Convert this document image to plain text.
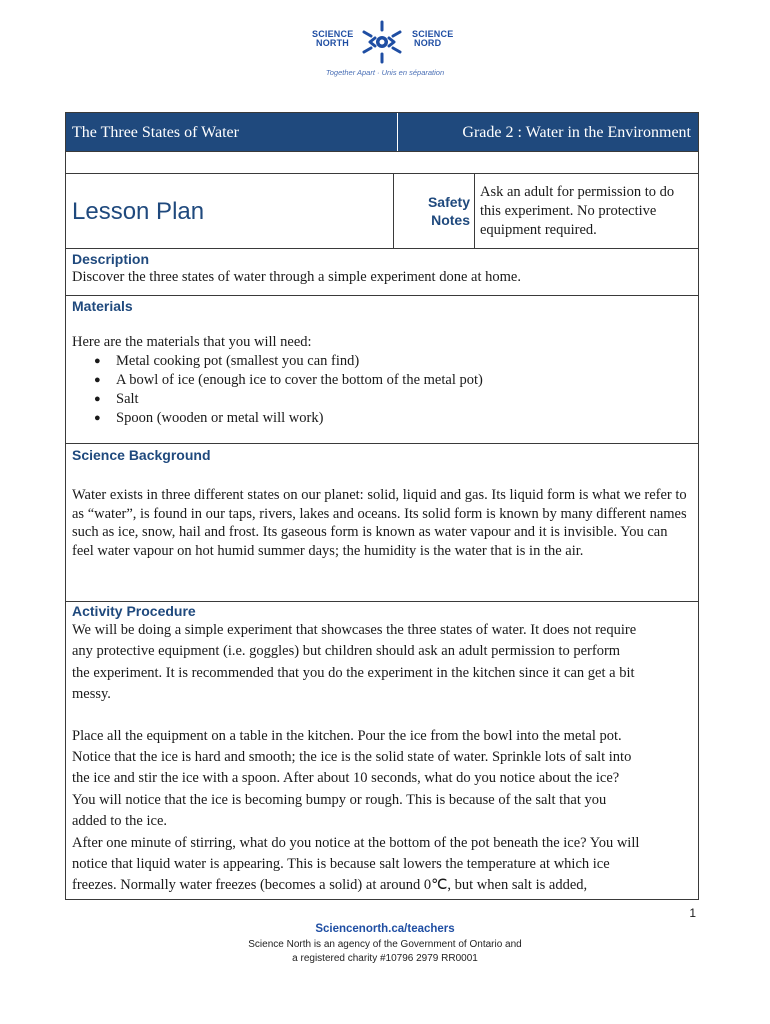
SCIENCE
NORTH
SCIENCE
NORD
Together Apart · Unis en séparation
The Three States of Water	Grade 2 : Water in the Environment
Lesson Plan	Safety
Notes
Ask an adult for permission to do this experiment. No protective equipment required.
Description

Discover the three states of water through a simple experiment done at home.

Materials

Here are the materials that you will need:

● Metal cooking pot (smallest you can find)
● A bowl of ice (enough ice to cover the bottom of the metal pot)
● Salt
● Spoon (wooden or metal will work)
Science Background

Water exists in three different states on our planet: solid, liquid and gas. Its liquid form is what we refer to as “water”, is found in our taps, rivers, lakes and oceans. Its solid form is known by many different names such as ice, snow, hail and frost. Its gaseous form is known as water vapour and it is invisible. You can feel water vapour on hot humid summer days; the humidity is the water that is in the air.

Activity Procedure

We will be doing a simple experiment that showcases the three states of water. It does not require any protective equipment (i.e. goggles) but children should ask an adult permission to perform the experiment. It is recommended that you do the experiment in the kitchen since it can get a bit messy.

Place all the equipment on a table in the kitchen. Pour the ice from the bowl into the metal pot. Notice that the ice is hard and smooth; the ice is the solid state of water. Sprinkle lots of salt into the ice and stir the ice with a spoon. After about 10 seconds, what do you notice about the ice? You will notice that the ice is becoming bumpy or rough. This is because of the salt that you added to the ice.

After one minute of stirring, what do you notice at the bottom of the pot beneath the ice? You will notice that liquid water is appearing. This is because salt lowers the temperature at which ice freezes. Normally water freezes (becomes a solid) at around 0℃, but when salt is added,

1
Sciencenorth.ca/teachers
Science North is an agency of the Government of Ontario and
a registered charity #10796 2979 RR0001
